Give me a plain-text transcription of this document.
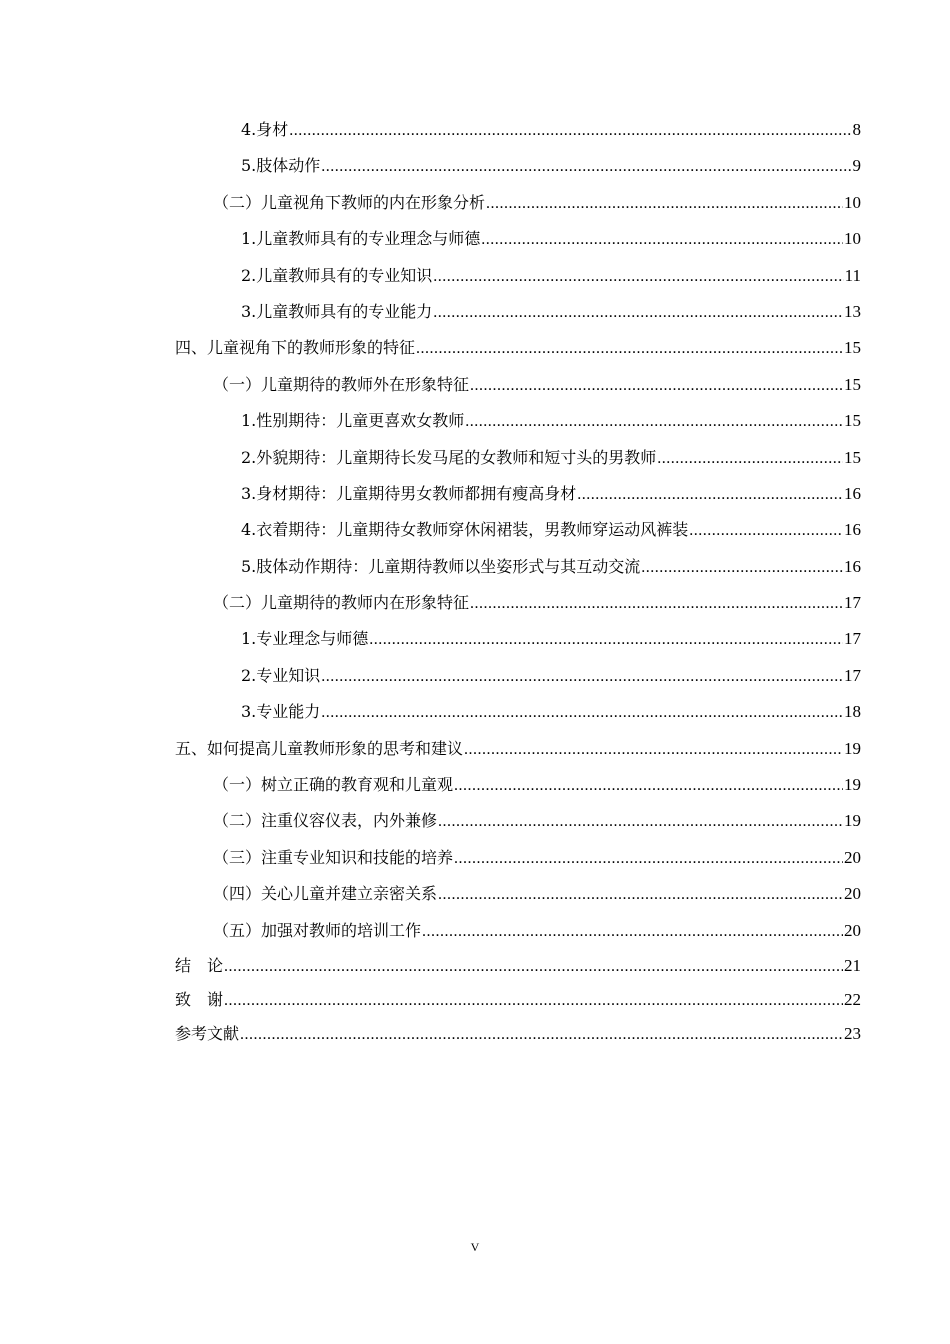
4.身材 .....	8
5.肢体动作 .....	9
（二）儿童视角下教师的内在形象分析 .....	10
1.儿童教师具有的专业理念与师德 .....	10
2.儿童教师具有的专业知识 .....	11
3.儿童教师具有的专业能力 .....	13
四、儿童视角下的教师形象的特征 .....	15
（一）儿童期待的教师外在形象特征 .....	15
1.性别期待：儿童更喜欢女教师 .....	15
2.外貌期待：儿童期待长发马尾的女教师和短寸头的男教师 .....	15
3.身材期待：儿童期待男女教师都拥有瘦高身材 .....	16
4.衣着期待：儿童期待女教师穿休闲裙装，男教师穿运动风裤装 .....	16
5.肢体动作期待：儿童期待教师以坐姿形式与其互动交流 .....	16
（二）儿童期待的教师内在形象特征 .....	17
1.专业理念与师德 .....	17
2.专业知识 .....	17
3.专业能力 .....	18
五、如何提高儿童教师形象的思考和建议 .....	19
（一）树立正确的教育观和儿童观 .....	19
（二）注重仪容仪表，内外兼修 .....	19
（三）注重专业知识和技能的培养 .....	20
（四）关心儿童并建立亲密关系 .....	20
（五）加强对教师的培训工作 .....	20
结　论 .....	21
致　谢 .....	22
参考文献 .....	23
V
